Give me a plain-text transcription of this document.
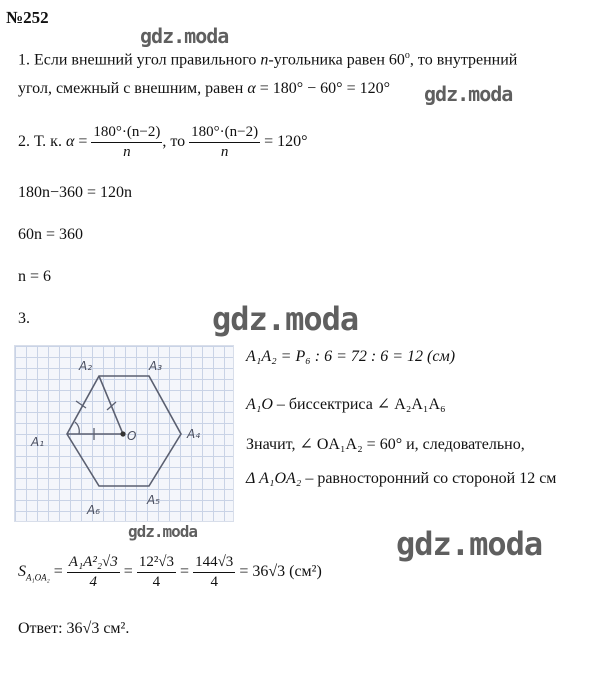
№252
gdz.moda
gdz.moda
gdz.moda
gdz.moda	gdz.moda
1. Если внешний угол правильного n-угольника равен 60$^o$, то внутренний
угол, смежный с внешним, равен α = 180° − 60° = 120°
2. Т. к. $\alpha = \frac{180^\circ\cdot(n-2)}{n}$ , то $\frac{180^\circ\cdot(n-2)}{n} = 120^\circ$
180n−360 = 120n
60n = 360
n = 6
3.
A₂	A₃
A₁
A₄
A₅
A₆
O
A₁A₂ = P₆ : 6 = 72 : 6 = 12 (см)
A₁O – биссектриса ∠ A₂A₁A₆
Значит, ∠ OA₁A₂ = 60° и, следовательно,
Δ A₁OA₂ – равносторонний со стороной 12 см
$S_{A_1OA_2} = \frac{\text{A₁A²₂√3}}{4} = \frac{\text{12²√3}}{4} = \frac{144√3}{4} = 36√3$ (см²)
Ответ: 36√3 см².
